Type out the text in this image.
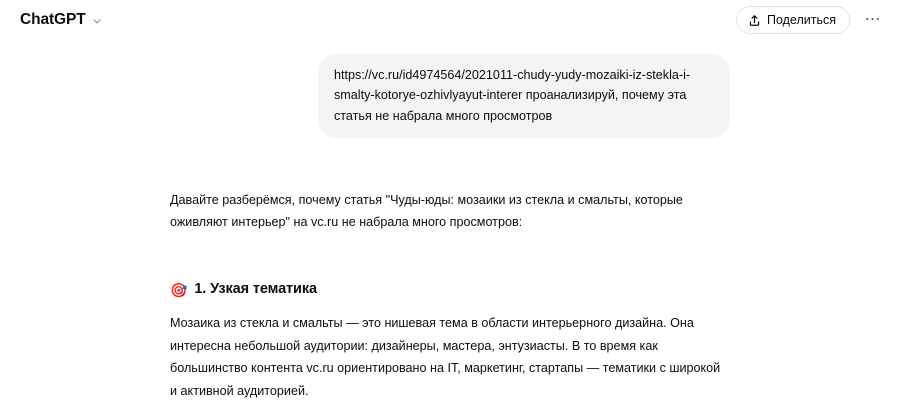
ChatGPT	Поделиться ⋯
https://vc.ru/id4974564/2021011-chudy-yudy-mozaiki-iz-stekla-i-smalty-kotorye-ozhivlyayut-interer проанализируй, почему эта статья не набрала много просмотров

Давайте разберёмся, почему статья "Чуды-юды: мозаики из стекла и смальты, которые оживляют интерьер" на vc.ru не набрала много просмотров:

🎯 1. Узкая тематика

Мозаика из стекла и смальты — это нишевая тема в области интерьерного дизайна. Она интересна небольшой аудитории: дизайнеры, мастера, энтузиасты. В то время как большинство контента vc.ru ориентировано на IT, маркетинг, стартапы — тематики с широкой и активной аудиторией.
